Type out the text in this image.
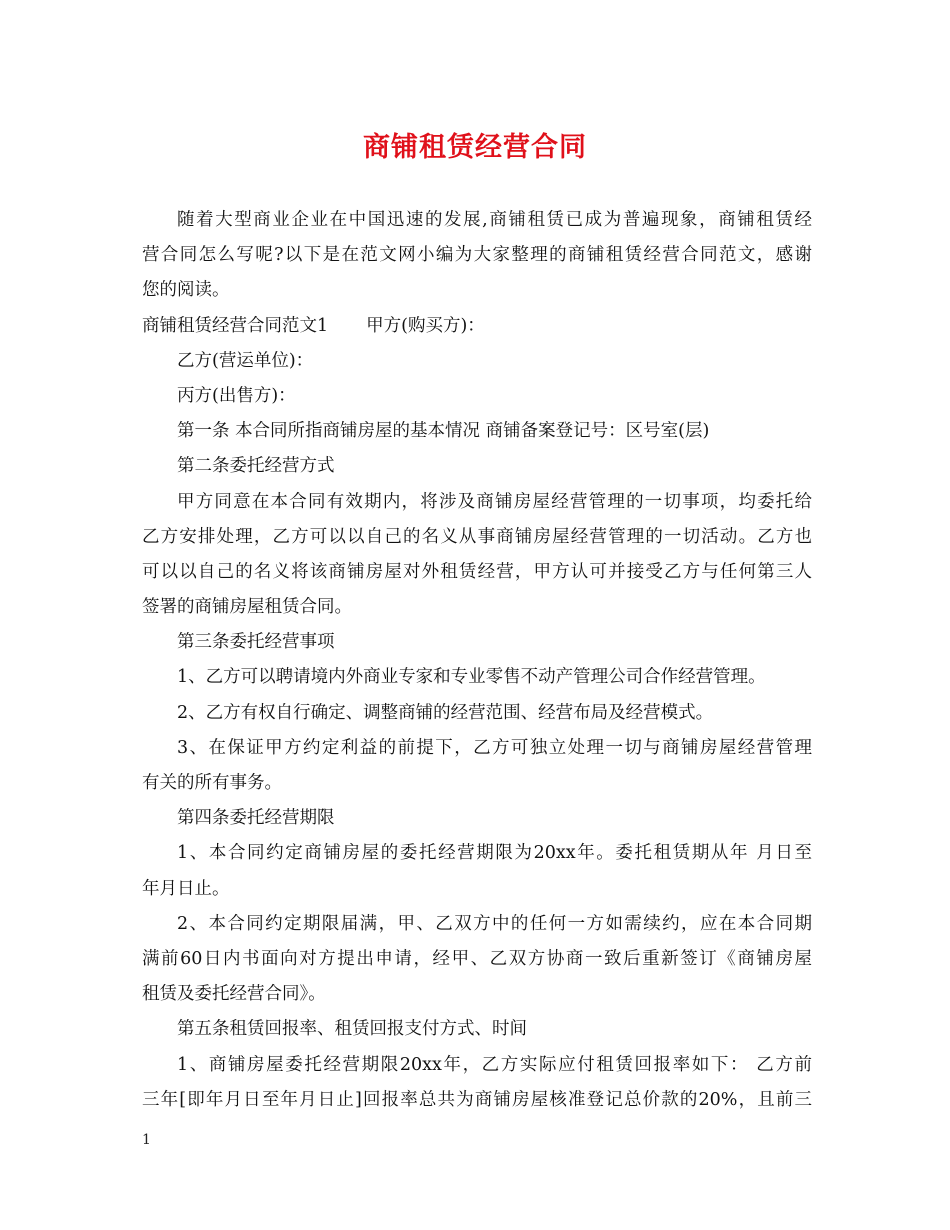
商铺租赁经营合同
随着大型商业企业在中国迅速的发展,商铺租赁已成为普遍现象，商铺租赁经
营合同怎么写呢?以下是在范文网小编为大家整理的商铺租赁经营合同范文，感谢
您的阅读。
商铺租赁经营合同范文1 甲方(购买方)：
乙方(营运单位)：
丙方(出售方)：
第一条 本合同所指商铺房屋的基本情况 商铺备案登记号：区号室(层)
第二条委托经营方式
甲方同意在本合同有效期内，将涉及商铺房屋经营管理的一切事项，均委托给
乙方安排处理，乙方可以以自己的名义从事商铺房屋经营管理的一切活动。乙方也
可以以自己的名义将该商铺房屋对外租赁经营，甲方认可并接受乙方与任何第三人
签署的商铺房屋租赁合同。
第三条委托经营事项
1、乙方可以聘请境内外商业专家和专业零售不动产管理公司合作经营管理。
2、乙方有权自行确定、调整商铺的经营范围、经营布局及经营模式。
3、在保证甲方约定利益的前提下，乙方可独立处理一切与商铺房屋经营管理
有关的所有事务。
第四条委托经营期限
1、本合同约定商铺房屋的委托经营期限为20xx年。委托租赁期从年 月日至
年月日止。
2、本合同约定期限届满，甲、乙双方中的任何一方如需续约，应在本合同期
满前60日内书面向对方提出申请，经甲、乙双方协商一致后重新签订《商铺房屋
租赁及委托经营合同》。
第五条租赁回报率、租赁回报支付方式、时间
1、商铺房屋委托经营期限20xx年，乙方实际应付租赁回报率如下： 乙方前
三年[即年月日至年月日止]回报率总共为商铺房屋核准登记总价款的20%，且前三
1
